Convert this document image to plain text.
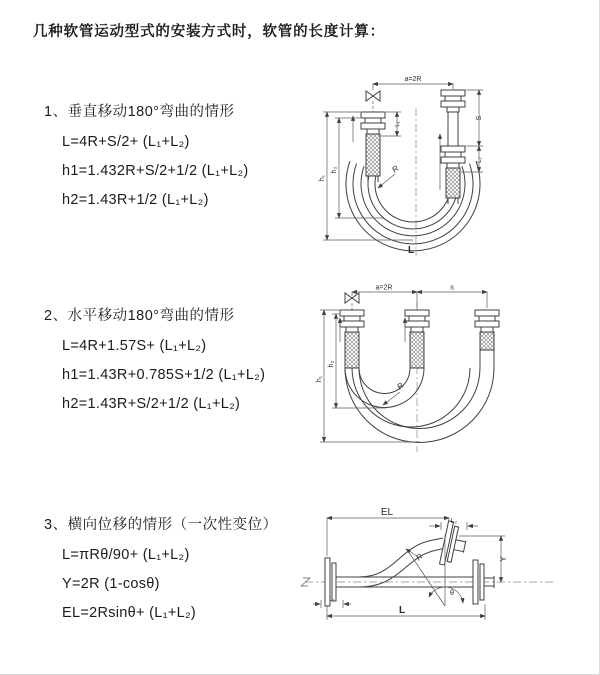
几种软管运动型式的安装方式时，软管的长度计算：
1、垂直移动180°弯曲的情形
L=4R+S/2+ (L₁+L₂)
h1=1.432R+S/2+1/2 (L₁+L₂)
h2=1.43R+1/2 (L₁+L₂)
2、水平移动180°弯曲的情形
L=4R+1.57S+ (L₁+L₂)
h1=1.43R+0.785S+1/2 (L₁+L₂)
h2=1.43R+S/2+1/2 (L₁+L₂)
3、横向位移的情形（一次性变位）
L=πRθ/90+ (L₁+L₂)
Y=2R (1-cosθ)
EL=2Rsinθ+ (L₁+L₂)
a=2R
h₁
h₂
L₁
S
L₂
R
L
a=2R	s
h₁
h₂
R
θ
EL
L₂
Y
L
L₁
R
